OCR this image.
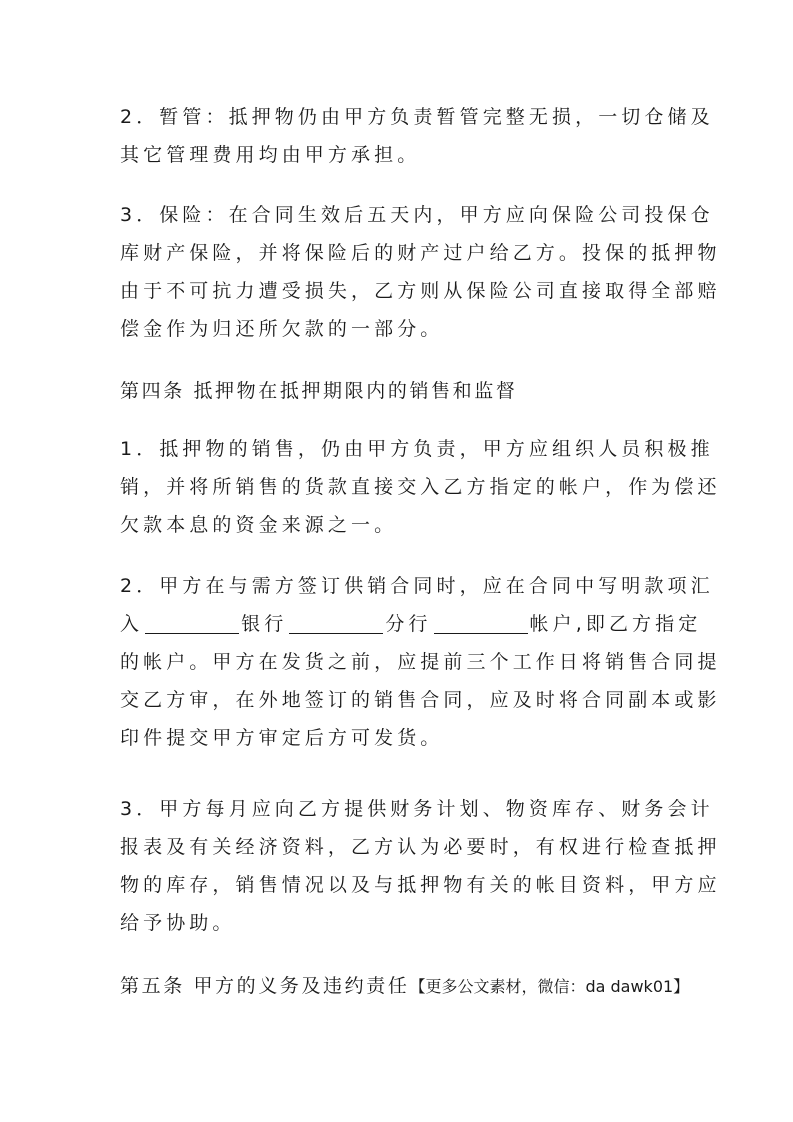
2．暂管：抵押物仍由甲方负责暂管完整无损，一切仓储及
其它管理费用均由甲方承担。
3．保险：在合同生效后五天内，甲方应向保险公司投保仓
库财产保险，并将保险后的财产过户给乙方。投保的抵押物
由于不可抗力遭受损失，乙方则从保险公司直接取得全部赔
偿金作为归还所欠款的一部分。
第四条 抵押物在抵押期限内的销售和监督
1．抵押物的销售，仍由甲方负责，甲方应组织人员积极推
销，并将所销售的货款直接交入乙方指定的帐户，作为偿还
欠款本息的资金来源之一。
2．甲方在与需方签订供销合同时，应在合同中写明款项汇
入	银行	分行	帐户,即乙方指定
的帐户。甲方在发货之前，应提前三个工作日将销售合同提
交乙方审，在外地签订的销售合同，应及时将合同副本或影
印件提交甲方审定后方可发货。
3．甲方每月应向乙方提供财务计划、物资库存、财务会计
报表及有关经济资料，乙方认为必要时，有权进行检查抵押
物的库存，销售情况以及与抵押物有关的帐目资料，甲方应
给予协助。
第五条 甲方的义务及违约责任【更多公文素材，微信：da dawk01】
